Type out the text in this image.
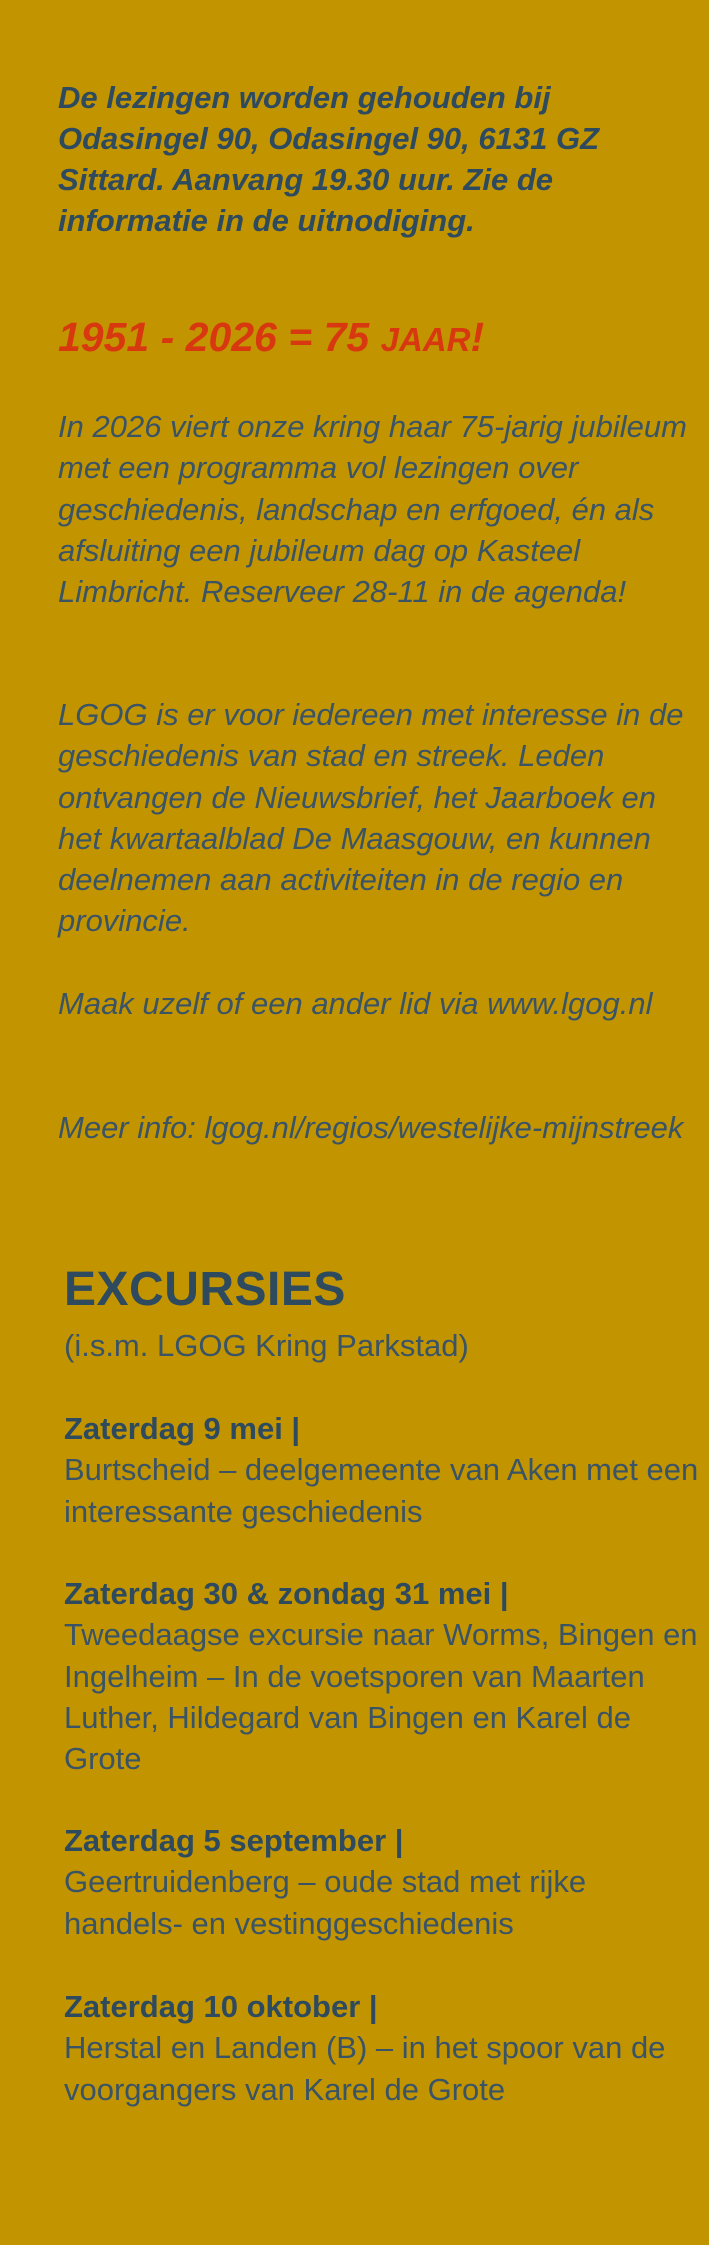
De lezingen worden gehouden bij Odasingel 90, Odasingel 90, 6131 GZ Sittard. Aanvang 19.30 uur. Zie de informatie in de uitnodiging.

1951 - 2026 = 75 JAAR!

In 2026 viert onze kring haar 75-jarig jubileum met een programma vol lezingen over geschiedenis, landschap en erfgoed, én als afsluiting een jubileum dag op Kasteel Limbricht. Reserveer 28-11 in de agenda!

LGOG is er voor iedereen met interesse in de geschiedenis van stad en streek. Leden ontvangen de Nieuwsbrief, het Jaarboek en het kwartaalblad De Maasgouw, en kunnen deelnemen aan activiteiten in de regio en provincie.

Maak uzelf of een ander lid via www.lgog.nl

Meer info: lgog.nl/regios/westelijke-mijnstreek

EXCURSIES

(i.s.m. LGOG Kring Parkstad)

Zaterdag 9 mei |
Burtscheid – deelgemeente van Aken met een interessante geschiedenis

Zaterdag 30 & zondag 31 mei |
Tweedaagse excursie naar Worms, Bingen en Ingelheim – In de voetsporen van Maarten Luther, Hildegard van Bingen en Karel de Grote

Zaterdag 5 september |
Geertruidenberg – oude stad met rijke handels- en vestinggeschiedenis

Zaterdag 10 oktober |
Herstal en Landen (B) – in het spoor van de voorgangers van Karel de Grote
